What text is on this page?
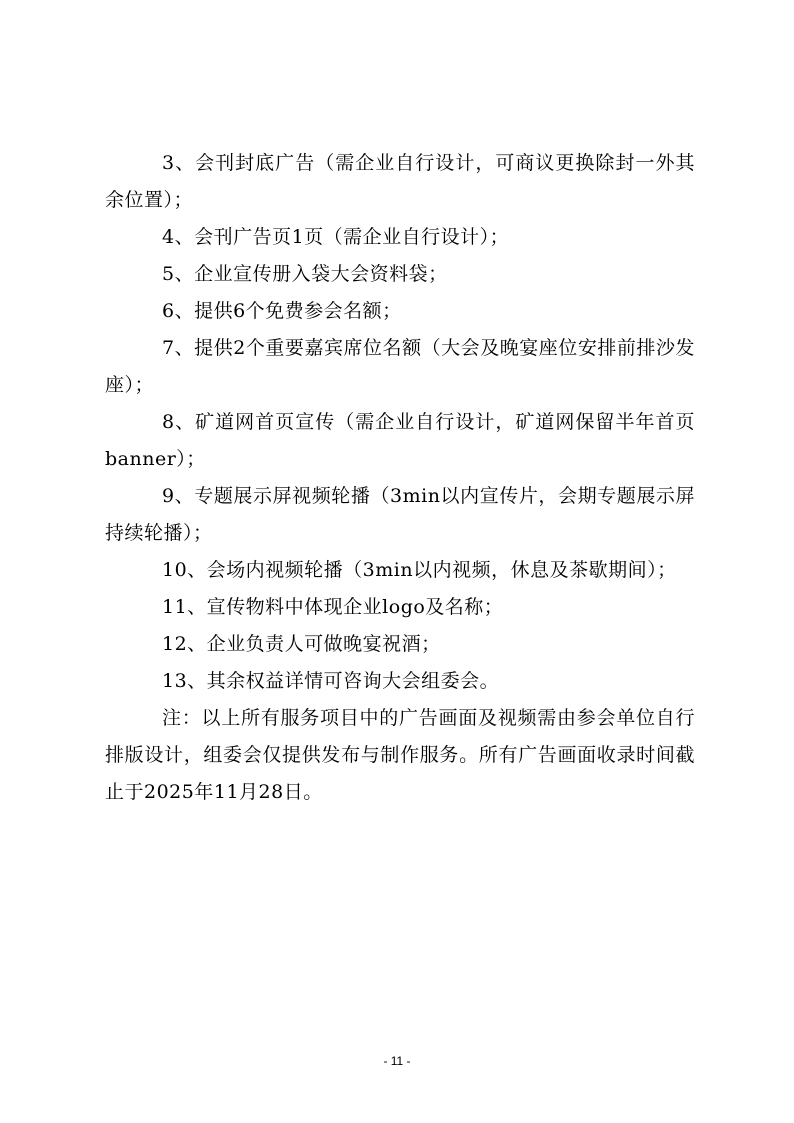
3、会刊封底广告（需企业自行设计，可商议更换除封一外其余位置）；

4、会刊广告页1页（需企业自行设计）；

5、企业宣传册入袋大会资料袋；

6、提供6个免费参会名额；

7、提供2个重要嘉宾席位名额（大会及晚宴座位安排前排沙发座）；

8、矿道网首页宣传（需企业自行设计，矿道网保留半年首页banner）；

9、专题展示屏视频轮播（3min以内宣传片，会期专题展示屏持续轮播）；

10、会场内视频轮播（3min以内视频，休息及茶歇期间）；

11、宣传物料中体现企业logo及名称；

12、企业负责人可做晚宴祝酒；

13、其余权益详情可咨询大会组委会。

注：以上所有服务项目中的广告画面及视频需由参会单位自行排版设计，组委会仅提供发布与制作服务。所有广告画面收录时间截止于2025年11月28日。

- 11 -
